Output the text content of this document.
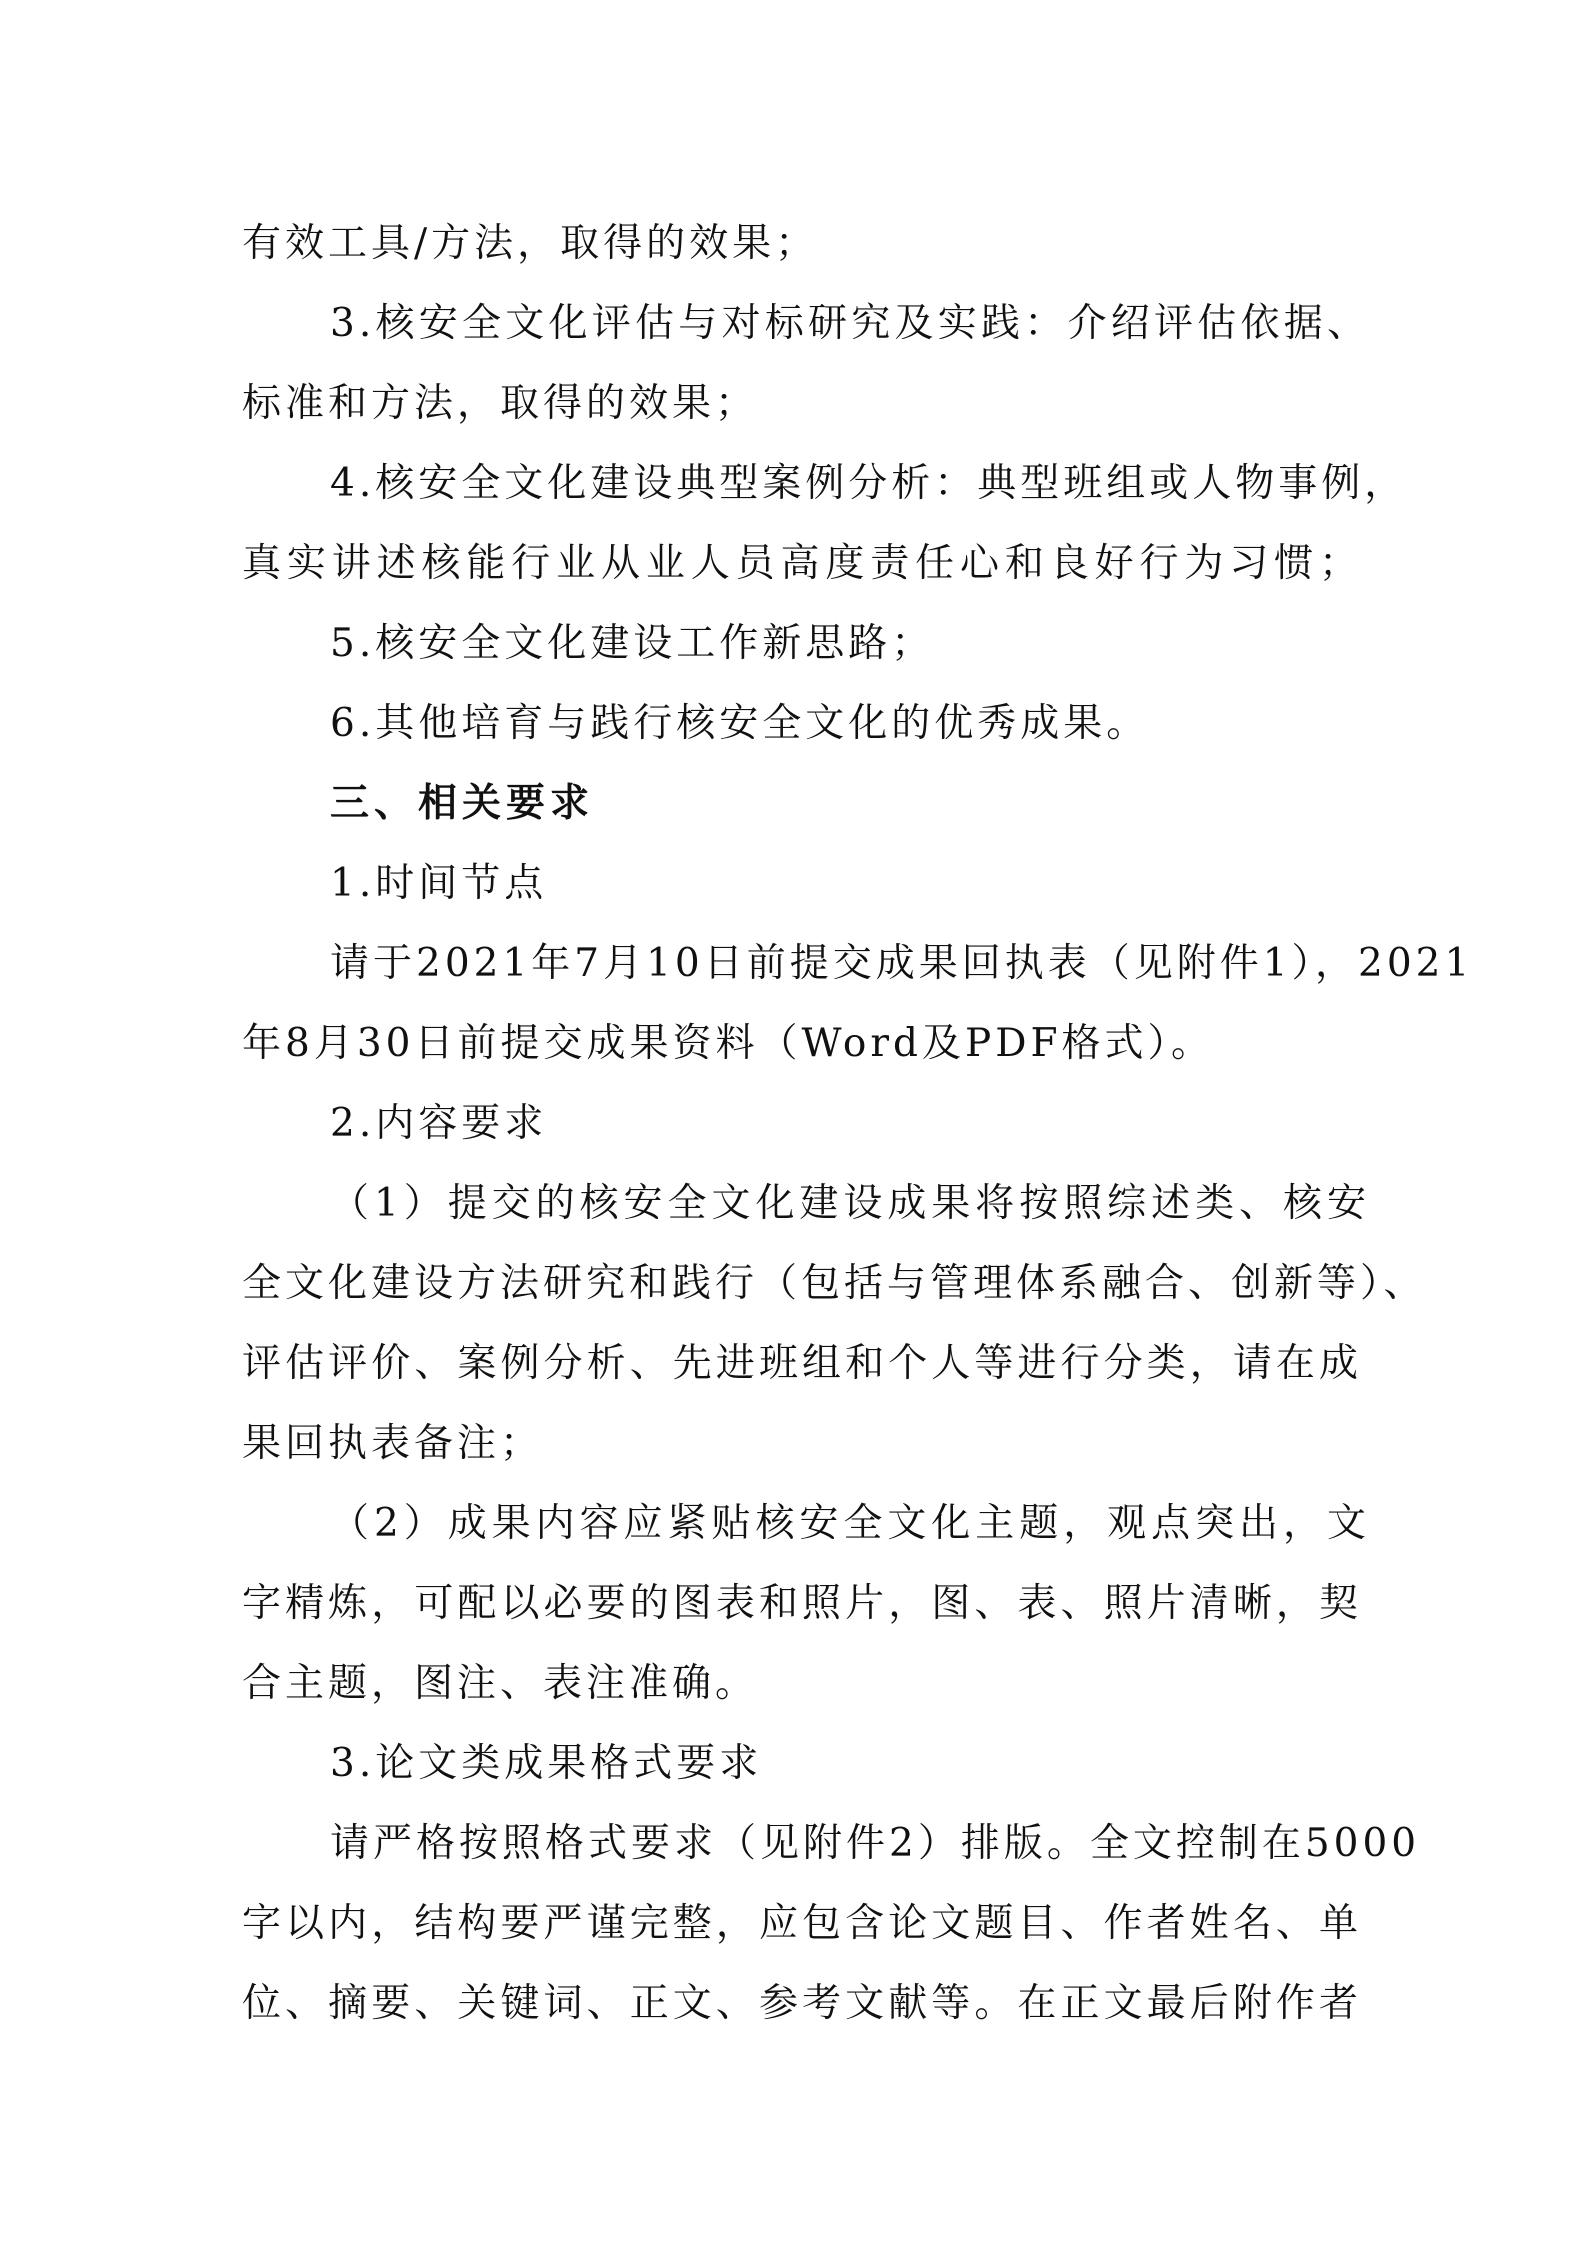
有效工具/方法，取得的效果；
3.核安全文化评估与对标研究及实践：介绍评估依据、
标准和方法，取得的效果；
4.核安全文化建设典型案例分析：典型班组或人物事例，
真实讲述核能行业从业人员高度责任心和良好行为习惯；
5.核安全文化建设工作新思路；
6.其他培育与践行核安全文化的优秀成果。
三、相关要求
1.时间节点
请于2021年7月10日前提交成果回执表（见附件1），2021
年8月30日前提交成果资料（Word及PDF格式）。
2.内容要求
（1）提交的核安全文化建设成果将按照综述类、核安
全文化建设方法研究和践行（包括与管理体系融合、创新等）、
评估评价、案例分析、先进班组和个人等进行分类，请在成
果回执表备注；
（2）成果内容应紧贴核安全文化主题，观点突出，文
字精炼，可配以必要的图表和照片，图、表、照片清晰，契
合主题，图注、表注准确。
3.论文类成果格式要求
请严格按照格式要求（见附件2）排版。全文控制在5000
字以内，结构要严谨完整，应包含论文题目、作者姓名、单
位、摘要、关键词、正文、参考文献等。在正文最后附作者
